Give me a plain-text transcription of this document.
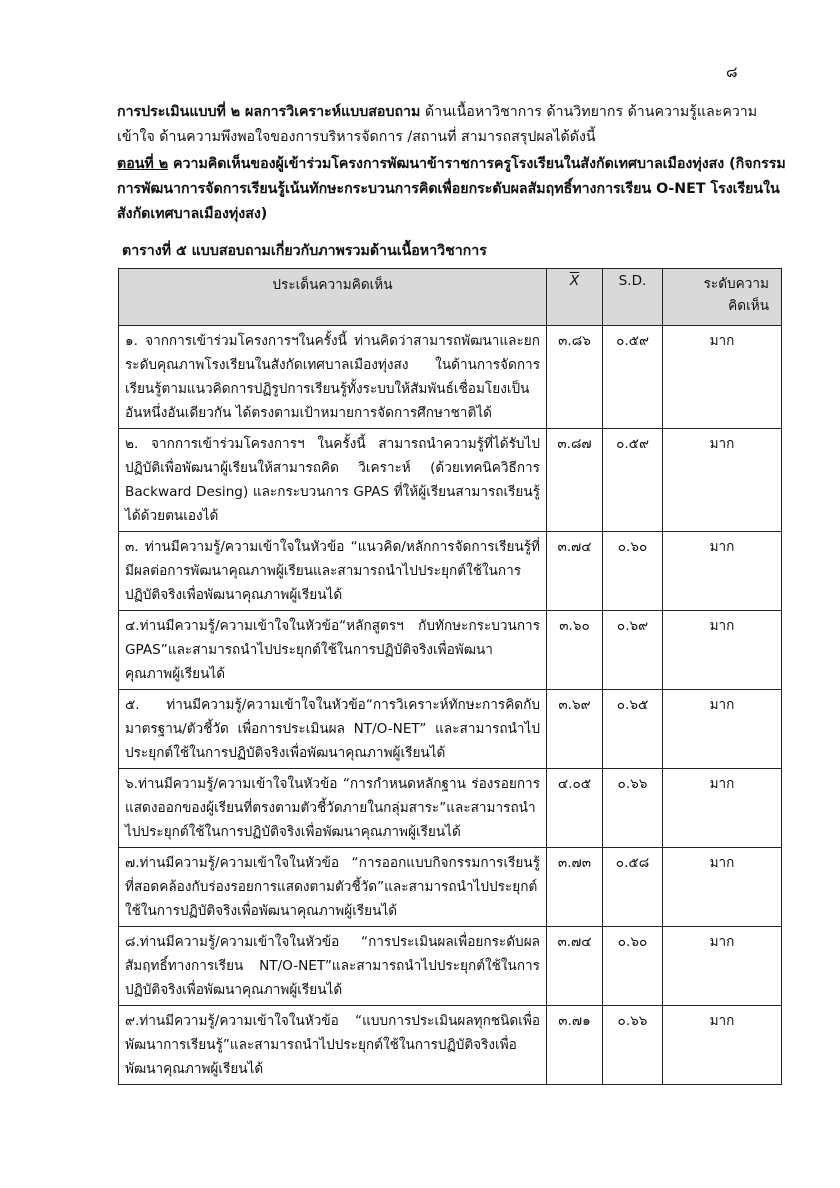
๘
การประเมินแบบที่ ๒ ผลการวิเคราะห์แบบสอบถาม ด้านเนื้อหาวิชาการ ด้านวิทยากร ด้านความรู้และความเข้าใจ ด้านความพึงพอใจของการบริหารจัดการ /สถานที่ สามารถสรุปผลได้ดังนี้
ตอนที่ ๒ ความคิดเห็นของผู้เข้าร่วมโครงการพัฒนาข้าราชการครูโรงเรียนในสังกัดเทศบาลเมืองทุ่งสง (กิจกรรมการพัฒนาการจัดการเรียนรู้เน้นทักษะกระบวนการคิดเพื่อยกระดับผลสัมฤทธิ์ทางการเรียน O-NET โรงเรียนในสังกัดเทศบาลเมืองทุ่งสง)
ตารางที่ ๕ แบบสอบถามเกี่ยวกับภาพรวมด้านเนื้อหาวิชาการ
ประเด็นความคิดเห็น	$\overline{X}$	S.D.	ระดับความ
คิดเห็น
๑. จากการเข้าร่วมโครงการฯในครั้งนี้ ท่านคิดว่าสามารถพัฒนาและยกระดับคุณภาพโรงเรียนในสังกัดเทศบาลเมืองทุ่งสง ในด้านการจัดการเรียนรู้ตามแนวคิดการปฏิรูปการเรียนรู้ทั้งระบบให้สัมพันธ์เชื่อมโยงเป็นอันหนึ่งอันเดียวกัน ได้ตรงตามเป้าหมายการจัดการศึกษาชาติได้	๓.๘๖	๐.๕๙	มาก
๒. จากการเข้าร่วมโครงการฯ ในครั้งนี้ สามารถนำความรู้ที่ได้รับไปปฏิบัติเพื่อพัฒนาผู้เรียนให้สามารถคิด วิเคราะห์ (ด้วยเทคนิควิธีการ Backward Desing) และกระบวนการ GPAS ที่ให้ผู้เรียนสามารถเรียนรู้ได้ด้วยตนเองได้	๓.๘๗	๐.๕๙	มาก
๓. ท่านมีความรู้/ความเข้าใจในหัวข้อ “แนวคิด/หลักการจัดการเรียนรู้ที่มีผลต่อการพัฒนาคุณภาพผู้เรียนและสามารถนำไปประยุกต์ใช้ในการปฏิบัติจริงเพื่อพัฒนาคุณภาพผู้เรียนได้	๓.๗๔	๐.๖๐	มาก
๔.ท่านมีความรู้/ความเข้าใจในหัวข้อ“หลักสูตรฯ กับทักษะกระบวนการ GPAS”และสามารถนำไปประยุกต์ใช้ในการปฏิบัติจริงเพื่อพัฒนาคุณภาพผู้เรียนได้	๓.๖๐	๐.๖๙	มาก
๕. ท่านมีความรู้/ความเข้าใจในหัวข้อ“การวิเคราะห์ทักษะการคิดกับมาตรฐาน/ตัวชี้วัด เพื่อการประเมินผล NT/O-NET” และสามารถนำไปประยุกต์ใช้ในการปฏิบัติจริงเพื่อพัฒนาคุณภาพผู้เรียนได้	๓.๖๙	๐.๖๕	มาก
๖.ท่านมีความรู้/ความเข้าใจในหัวข้อ “การกำหนดหลักฐาน ร่องรอยการแสดงออกของผู้เรียนที่ตรงตามตัวชี้วัดภายในกลุ่มสาระ”และสามารถนำไปประยุกต์ใช้ในการปฏิบัติจริงเพื่อพัฒนาคุณภาพผู้เรียนได้	๔.๐๕	๐.๖๖	มาก
๗.ท่านมีความรู้/ความเข้าใจในหัวข้อ “การออกแบบกิจกรรมการเรียนรู้ที่สอดคล้องกับร่องรอยการแสดงตามตัวชี้วัด”และสามารถนำไปประยุกต์ใช้ในการปฏิบัติจริงเพื่อพัฒนาคุณภาพผู้เรียนได้	๓.๗๓	๐.๕๘	มาก
๘.ท่านมีความรู้/ความเข้าใจในหัวข้อ “การประเมินผลเพื่อยกระดับผลสัมฤทธิ์ทางการเรียน NT/O-NET”และสามารถนำไปประยุกต์ใช้ในการปฏิบัติจริงเพื่อพัฒนาคุณภาพผู้เรียนได้	๓.๗๔	๐.๖๐	มาก
๙.ท่านมีความรู้/ความเข้าใจในหัวข้อ “แบบการประเมินผลทุกชนิดเพื่อพัฒนาการเรียนรู้”และสามารถนำไปประยุกต์ใช้ในการปฏิบัติจริงเพื่อพัฒนาคุณภาพผู้เรียนได้	๓.๗๑	๐.๖๖	มาก
